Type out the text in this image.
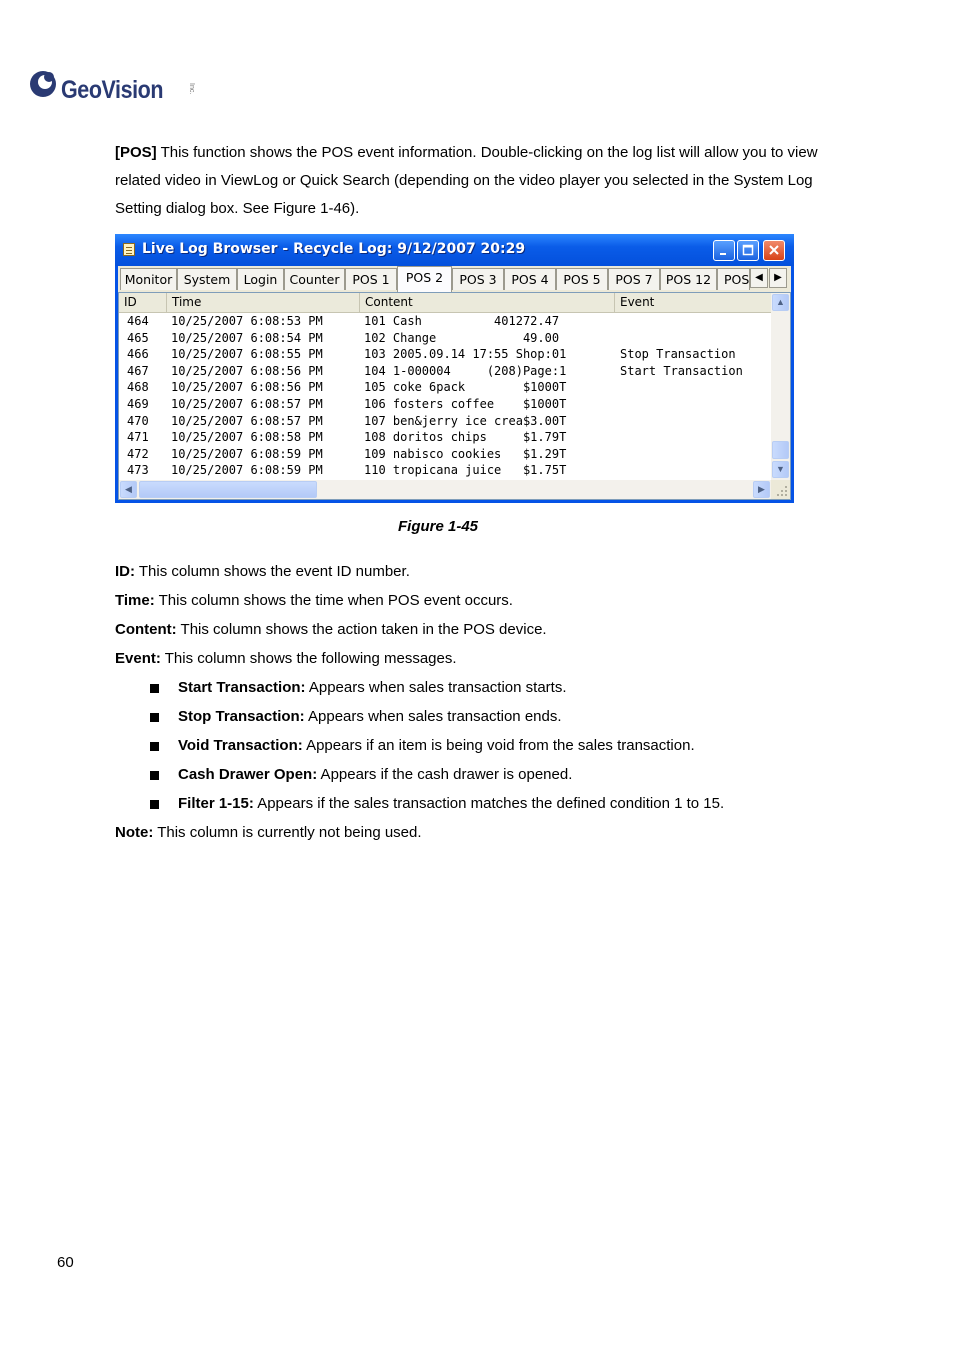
GeoVision	Inc.
[POS] This function shows the POS event information. Double-clicking on the log list will allow you to view related video in ViewLog or Quick Search (depending on the video player you selected in the System Log Setting dialog box. See Figure 1-46).
Live Log Browser - Recycle Log: 9/12/2007 20:29
Monitor System	Login Counter	POS 1	POS 2	POS 3	POS 4	POS 5	POS 7	POS 12	POS ◀	▶
ID	Time	Content	Event
464 10/25/2007 6:08:53 PM	101 Cash          401272.47
465 10/25/2007 6:08:54 PM	102 Change            49.00
466 10/25/2007 6:08:55 PM	103 2005.09.14 17:55 Shop:01	Stop Transaction
467 10/25/2007 6:08:56 PM	104 1-000004     (208)Page:1	Start Transaction
468 10/25/2007 6:08:56 PM	105 coke 6pack        $1000T
469 10/25/2007 6:08:57 PM	106 fosters coffee    $1000T
470 10/25/2007 6:08:57 PM	107 ben&jerry ice crea$3.00T
471 10/25/2007 6:08:58 PM	108 doritos chips     $1.79T
472 10/25/2007 6:08:59 PM	109 nabisco cookies   $1.29T
473 10/25/2007 6:08:59 PM	110 tropicana juice   $1.75T
▲
▼
◀	▶
Figure 1-45
ID: This column shows the event ID number.
Time: This column shows the time when POS event occurs.
Content: This column shows the action taken in the POS device.
Event: This column shows the following messages.
Start Transaction: Appears when sales transaction starts.
Stop Transaction: Appears when sales transaction ends.
Void Transaction: Appears if an item is being void from the sales transaction.
Cash Drawer Open: Appears if the cash drawer is opened.
Filter 1-15: Appears if the sales transaction matches the defined condition 1 to 15.
Note: This column is currently not being used.
60
